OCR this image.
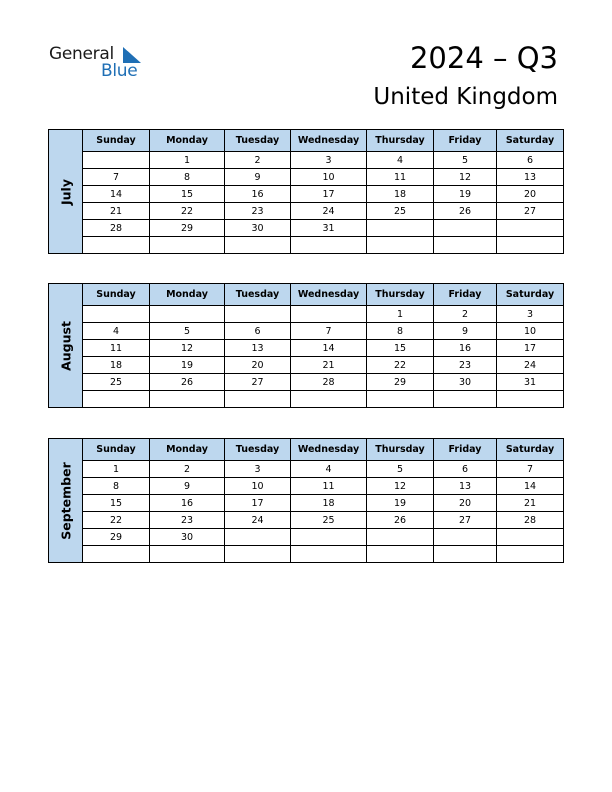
General
Blue	2024 – Q3
United Kingdom
July	Sunday	Monday	Tuesday	Wednesday	Thursday	Friday	Saturday
		1	2	3	4	5	6
	7	8	9	10	11	12	13
	14	15	16	17	18	19	20
	21	22	23	24	25	26	27
	28	29	30	31			

August	Sunday	Monday	Tuesday	Wednesday	Thursday	Friday	Saturday
					1	2	3
	4	5	6	7	8	9	10
	11	12	13	14	15	16	17
	18	19	20	21	22	23	24
	25	26	27	28	29	30	31

September	Sunday	Monday	Tuesday	Wednesday	Thursday	Friday	Saturday
	1	2	3	4	5	6	7
	8	9	10	11	12	13	14
	15	16	17	18	19	20	21
	22	23	24	25	26	27	28
	29	30					
